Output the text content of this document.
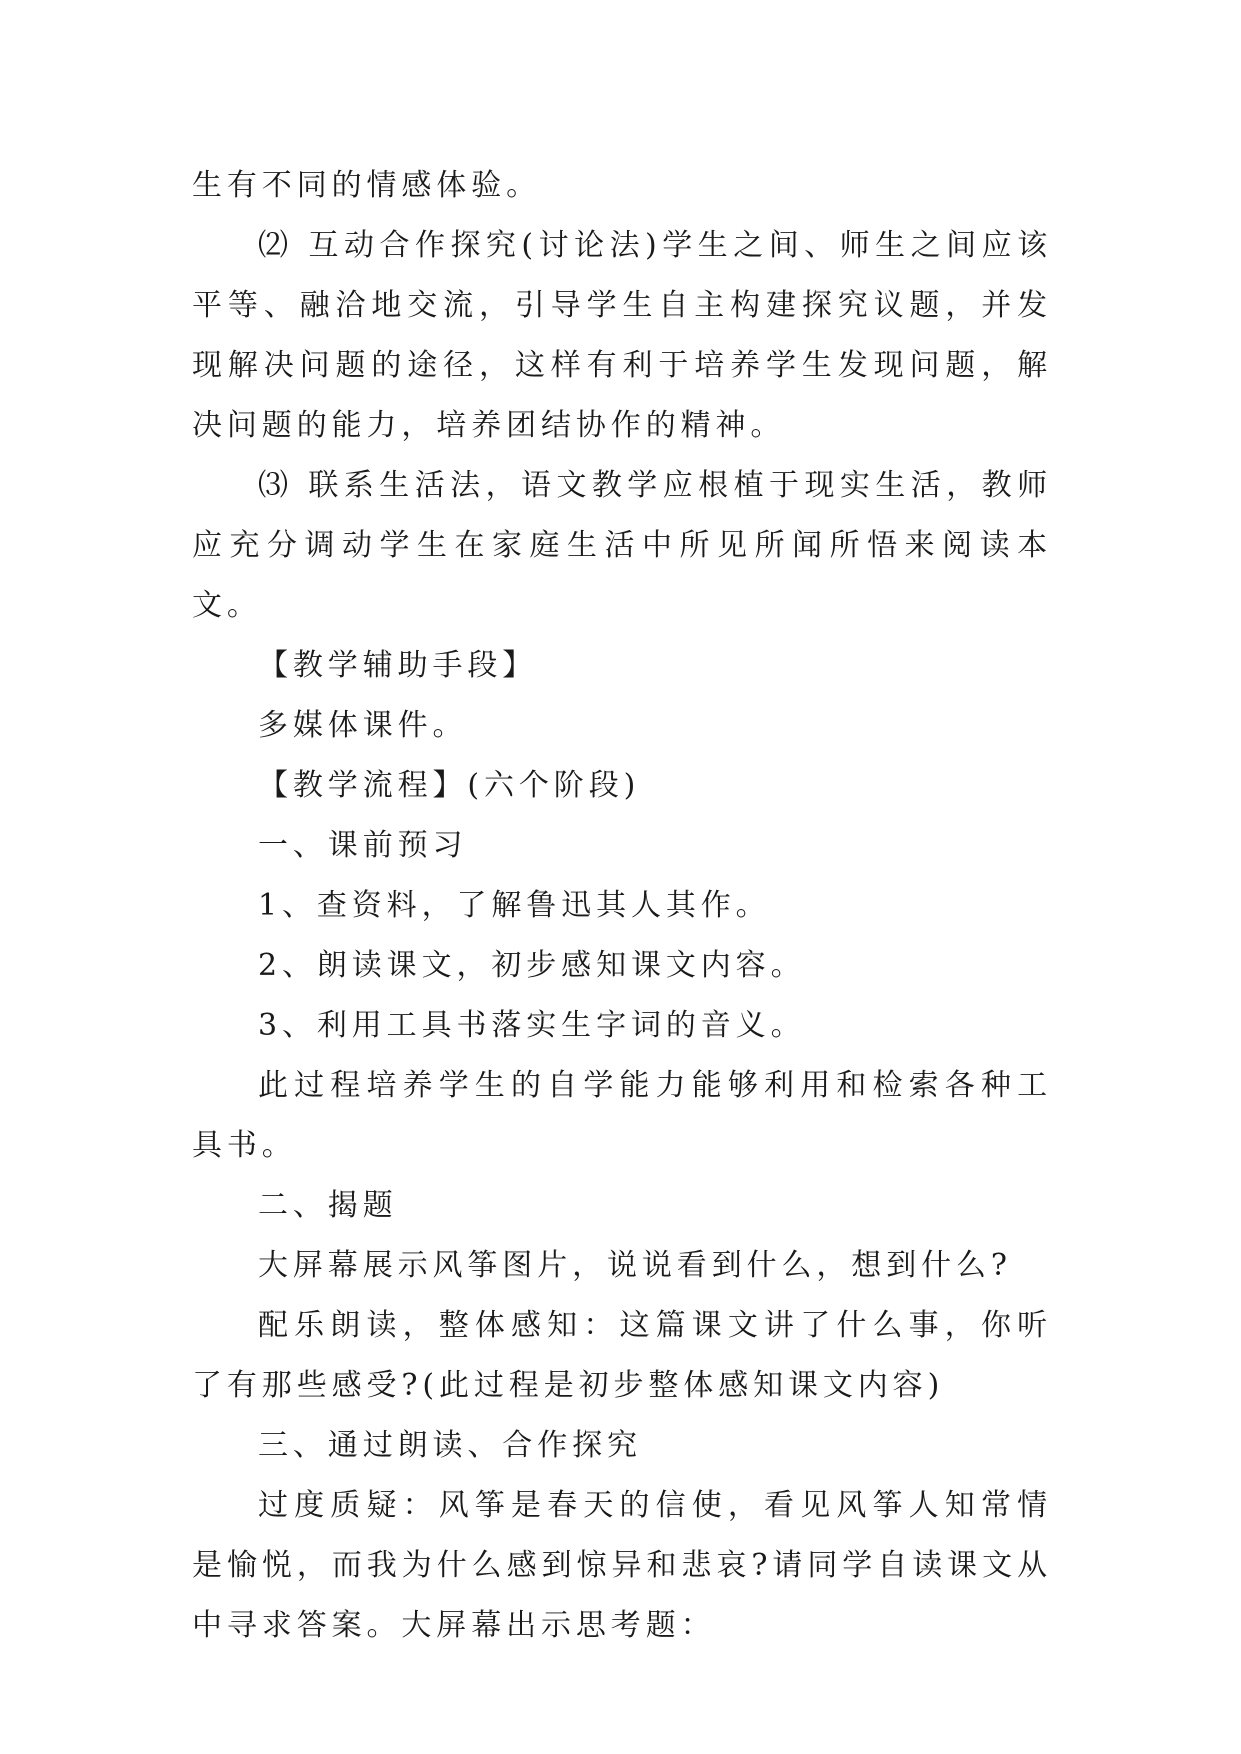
生有不同的情感体验。

⑵ 互动合作探究(讨论法)学生之间、师生之间应该平等、融洽地交流，引导学生自主构建探究议题，并发现解决问题的途径，这样有利于培养学生发现问题，解决问题的能力，培养团结协作的精神。

⑶ 联系生活法，语文教学应根植于现实生活，教师应充分调动学生在家庭生活中所见所闻所悟来阅读本文。

【教学辅助手段】

多媒体课件。

【教学流程】(六个阶段)

一、课前预习

1、查资料，了解鲁迅其人其作。

2、朗读课文，初步感知课文内容。

3、利用工具书落实生字词的音义。

此过程培养学生的自学能力能够利用和检索各种工具书。

二、揭题

大屏幕展示风筝图片，说说看到什么，想到什么?

配乐朗读，整体感知：这篇课文讲了什么事，你听了有那些感受?(此过程是初步整体感知课文内容)

三、通过朗读、合作探究

过度质疑：风筝是春天的信使，看见风筝人知常情是愉悦，而我为什么感到惊异和悲哀?请同学自读课文从中寻求答案。大屏幕出示思考题：
